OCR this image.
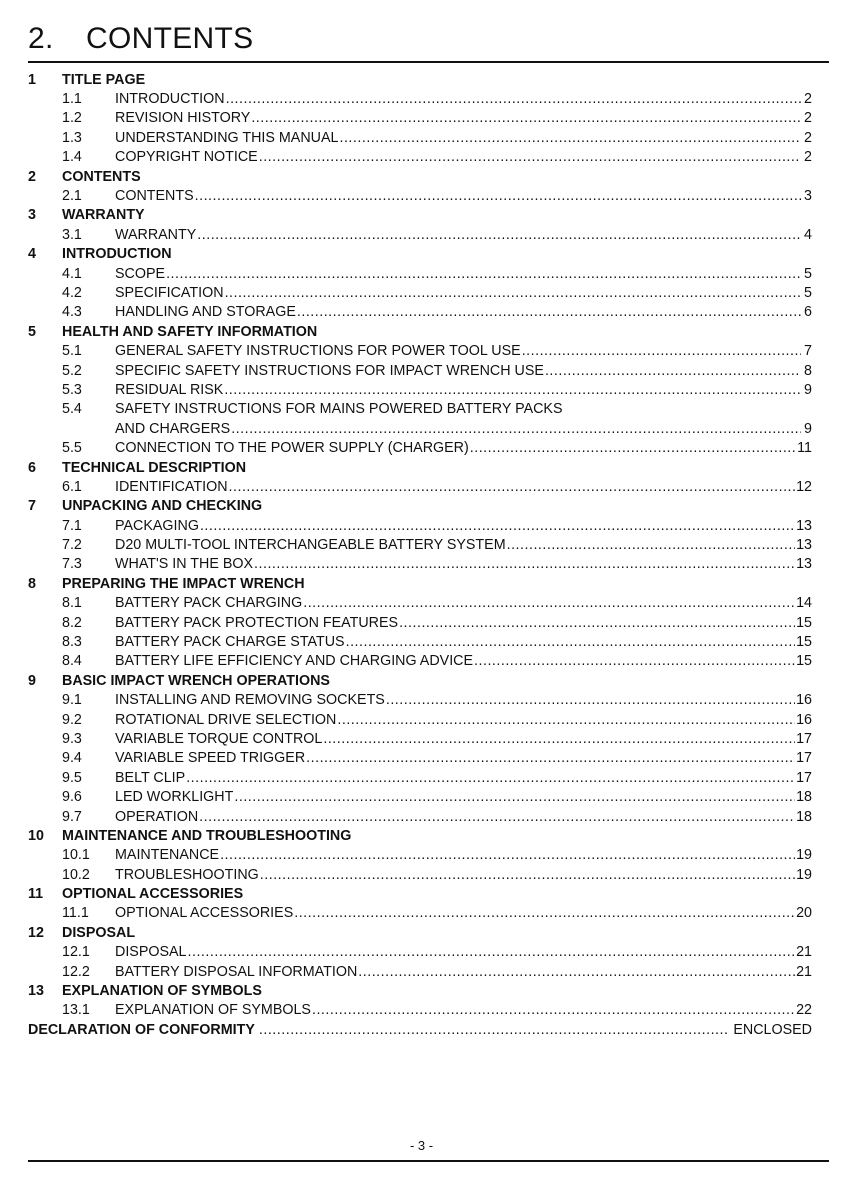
2. CONTENTS
1	TITLE PAGE
1.1	INTRODUCTION .....	2
1.2	REVISION HISTORY .....	2
1.3	UNDERSTANDING THIS MANUAL .....	2
1.4	COPYRIGHT NOTICE .....	2
2	CONTENTS
2.1	CONTENTS .....	3
3	WARRANTY
3.1	WARRANTY .....	4
4	INTRODUCTION
4.1	SCOPE .....	5
4.2	SPECIFICATION .....	5
4.3	HANDLING AND STORAGE .....	6
5	HEALTH AND SAFETY INFORMATION
5.1	GENERAL SAFETY INSTRUCTIONS FOR POWER TOOL USE .....	7
5.2	SPECIFIC SAFETY INSTRUCTIONS FOR IMPACT WRENCH USE .....	8
5.3	RESIDUAL RISK .....	9
5.4	SAFETY INSTRUCTIONS FOR MAINS POWERED BATTERY PACKS
AND CHARGERS .....	9
5.5	CONNECTION TO THE POWER SUPPLY (CHARGER) .....	11
6	TECHNICAL DESCRIPTION
6.1	IDENTIFICATION .....	12
7	UNPACKING AND CHECKING
7.1	PACKAGING .....	13
7.2	D20 MULTI-TOOL INTERCHANGEABLE BATTERY SYSTEM .....	13
7.3	WHAT'S IN THE BOX .....	13
8	PREPARING THE IMPACT WRENCH
8.1	BATTERY PACK CHARGING .....	14
8.2	BATTERY PACK PROTECTION FEATURES .....	15
8.3	BATTERY PACK CHARGE STATUS .....	15
8.4	BATTERY LIFE EFFICIENCY AND CHARGING ADVICE .....	15
9	BASIC IMPACT WRENCH OPERATIONS
9.1	INSTALLING AND REMOVING SOCKETS .....	16
9.2	ROTATIONAL DRIVE SELECTION .....	16
9.3	VARIABLE TORQUE CONTROL .....	17
9.4	VARIABLE SPEED TRIGGER .....	17
9.5	BELT CLIP .....	17
9.6	LED WORKLIGHT .....	18
9.7	OPERATION .....	18
10	MAINTENANCE AND TROUBLESHOOTING
10.1	MAINTENANCE .....	19
10.2	TROUBLESHOOTING .....	19
11	OPTIONAL ACCESSORIES
11.1	OPTIONAL ACCESSORIES .....	20
12	DISPOSAL
12.1	DISPOSAL .....	21
12.2	BATTERY DISPOSAL INFORMATION .....	21
13	EXPLANATION OF SYMBOLS
13.1	EXPLANATION OF SYMBOLS .....	22
DECLARATION OF CONFORMITY .....	ENCLOSED
- 3 -
